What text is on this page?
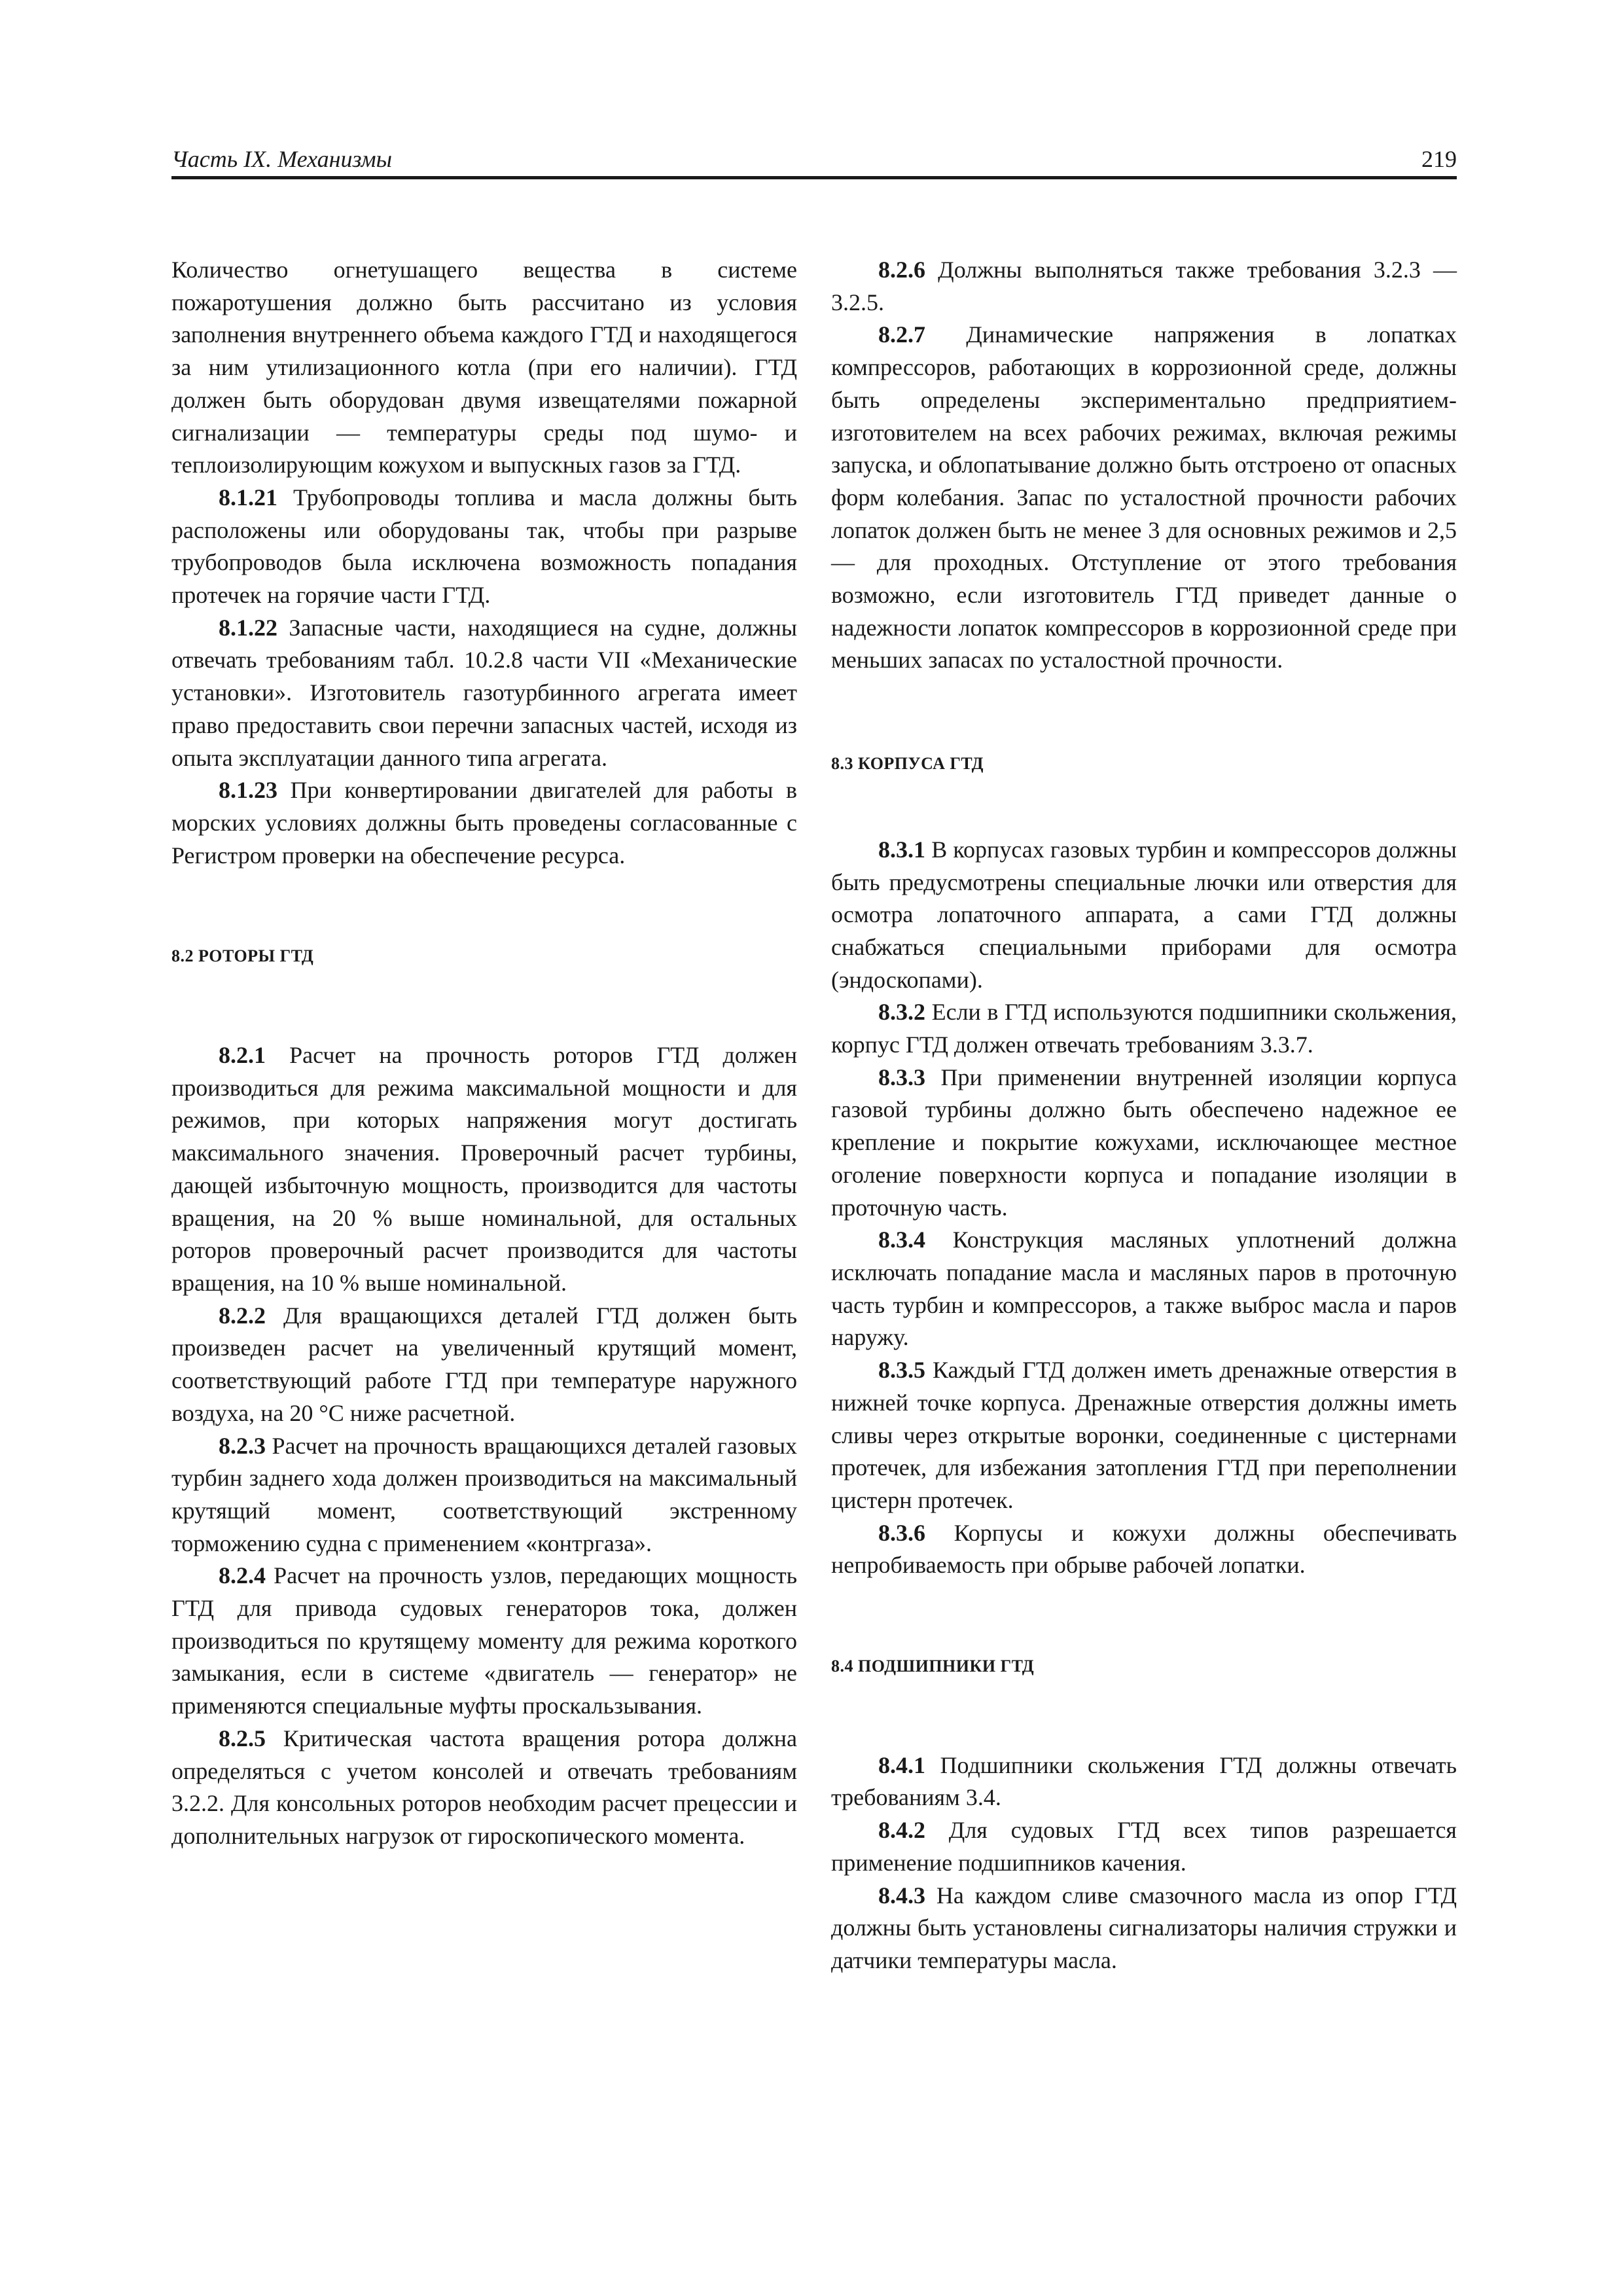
Часть IX. Механизмы	219

Количество огнетушащего вещества в системе пожаротушения должно быть рассчитано из условия заполнения внутреннего объема каждого ГТД и находящегося за ним утилизационного котла (при его наличии). ГТД должен быть оборудован двумя извещателями пожарной сигнализации — температуры среды под шумо- и теплоизолирующим кожухом и выпускных газов за ГТД.

8.1.21 Трубопроводы топлива и масла должны быть расположены или оборудованы так, чтобы при разрыве трубопроводов была исключена возможность попадания протечек на горячие части ГТД.

8.1.22 Запасные части, находящиеся на судне, должны отвечать требованиям табл. 10.2.8 части VII «Механические установки». Изготовитель газотурбинного агрегата имеет право предоставить свои перечни запасных частей, исходя из опыта эксплуатации данного типа агрегата.

8.1.23 При конвертировании двигателей для работы в морских условиях должны быть проведены согласованные с Регистром проверки на обеспечение ресурса.

8.2 РОТОРЫ ГТД

8.2.1 Расчет на прочность роторов ГТД должен производиться для режима максимальной мощности и для режимов, при которых напряжения могут достигать максимального значения. Проверочный расчет турбины, дающей избыточную мощность, производится для частоты вращения, на 20 % выше номинальной, для остальных роторов проверочный расчет производится для частоты вращения, на 10 % выше номинальной.

8.2.2 Для вращающихся деталей ГТД должен быть произведен расчет на увеличенный крутящий момент, соответствующий работе ГТД при температуре наружного воздуха, на 20 °С ниже расчетной.

8.2.3 Расчет на прочность вращающихся деталей газовых турбин заднего хода должен производиться на максимальный крутящий момент, соответствующий экстренному торможению судна с применением «контргаза».

8.2.4 Расчет на прочность узлов, передающих мощность ГТД для привода судовых генераторов тока, должен производиться по крутящему моменту для режима короткого замыкания, если в системе «двигатель — генератор» не применяются специальные муфты проскальзывания.

8.2.5 Критическая частота вращения ротора должна определяться с учетом консолей и отвечать требованиям 3.2.2. Для консольных роторов необходим расчет прецессии и дополнительных нагрузок от гироскопического момента.

8.2.6 Должны выполняться также требования 3.2.3 — 3.2.5.

8.2.7 Динамические напряжения в лопатках компрессоров, работающих в коррозионной среде, должны быть определены экспериментально предприятием-изготовителем на всех рабочих режимах, включая режимы запуска, и облопатывание должно быть отстроено от опасных форм колебания. Запас по усталостной прочности рабочих лопаток должен быть не менее 3 для основных режимов и 2,5 — для проходных. Отступление от этого требования возможно, если изготовитель ГТД приведет данные о надежности лопаток компрессоров в коррозионной среде при меньших запасах по усталостной прочности.

8.3 КОРПУСА ГТД

8.3.1 В корпусах газовых турбин и компрессоров должны быть предусмотрены специальные лючки или отверстия для осмотра лопаточного аппарата, а сами ГТД должны снабжаться специальными приборами для осмотра (эндоскопами).

8.3.2 Если в ГТД используются подшипники скольжения, корпус ГТД должен отвечать требованиям 3.3.7.

8.3.3 При применении внутренней изоляции корпуса газовой турбины должно быть обеспечено надежное ее крепление и покрытие кожухами, исключающее местное оголение поверхности корпуса и попадание изоляции в проточную часть.

8.3.4 Конструкция масляных уплотнений должна исключать попадание масла и масляных паров в проточную часть турбин и компрессоров, а также выброс масла и паров наружу.

8.3.5 Каждый ГТД должен иметь дренажные отверстия в нижней точке корпуса. Дренажные отверстия должны иметь сливы через открытые воронки, соединенные с цистернами протечек, для избежания затопления ГТД при переполнении цистерн протечек.

8.3.6 Корпусы и кожухи должны обеспечивать непробиваемость при обрыве рабочей лопатки.

8.4 ПОДШИПНИКИ ГТД

8.4.1 Подшипники скольжения ГТД должны отвечать требованиям 3.4.

8.4.2 Для судовых ГТД всех типов разрешается применение подшипников качения.

8.4.3 На каждом сливе смазочного масла из опор ГТД должны быть установлены сигнализаторы наличия стружки и датчики температуры масла.
